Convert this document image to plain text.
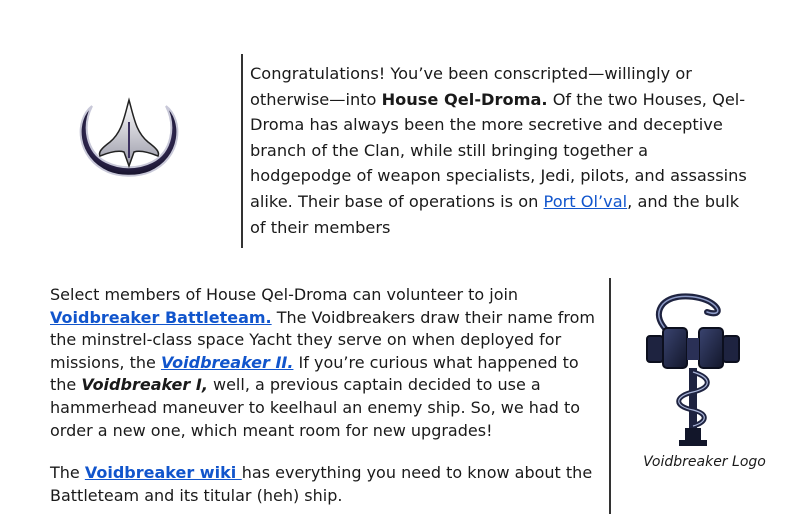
Congratulations! You’ve been conscripted—willingly or otherwise—into House Qel-Droma. Of the two Houses, Qel-Droma has always been the more secretive and deceptive branch of the Clan, while still bringing together a hodgepodge of weapon specialists, Jedi, pilots, and assassins alike. Their base of operations is on Port Ol’val, and the bulk of their members

Select members of House Qel-Droma can volunteer to join Voidbreaker Battleteam. The Voidbreakers draw their name from the minstrel-class space Yacht they serve on when deployed for missions, the Voidbreaker II. If you’re curious what happened to the Voidbreaker I, well, a previous captain decided to use a hammerhead maneuver to keelhaul an enemy ship. So, we had to order a new one, which meant room for new upgrades!

The Voidbreaker wiki has everything you need to know about the Battleteam and its titular (heh) ship.

Voidbreaker Logo
